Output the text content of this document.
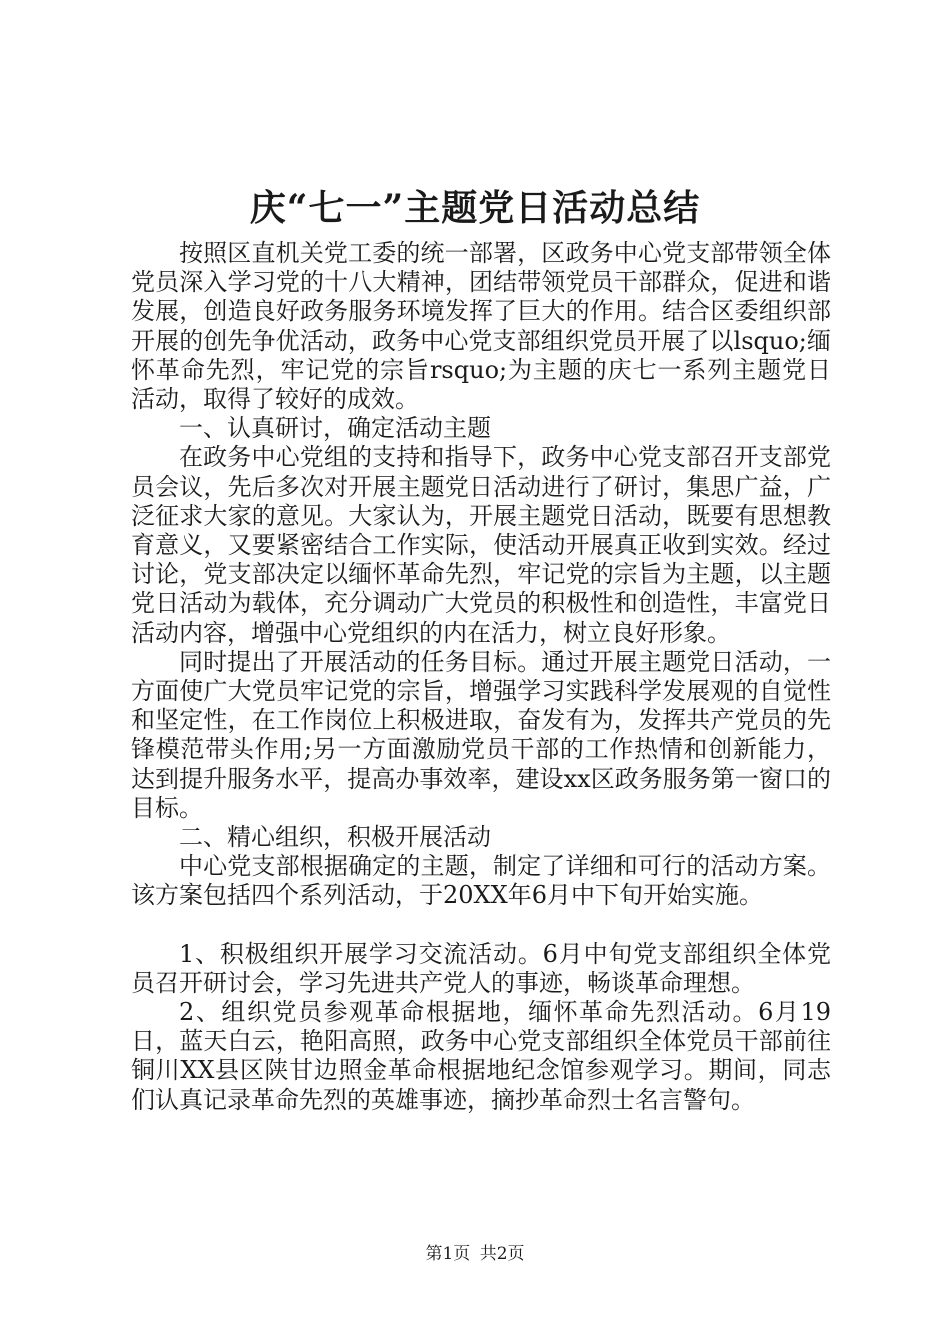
庆“七一”主题党日活动总结

按照区直机关党工委的统一部署，区政务中心党支部带领全体党员深入学习党的十八大精神，团结带领党员干部群众，促进和谐发展，创造良好政务服务环境发挥了巨大的作用。结合区委组织部开展的创先争优活动，政务中心党支部组织党员开展了以lsquo;缅怀革命先烈，牢记党的宗旨rsquo;为主题的庆七一系列主题党日活动，取得了较好的成效。

一、认真研讨，确定活动主题

在政务中心党组的支持和指导下，政务中心党支部召开支部党员会议，先后多次对开展主题党日活动进行了研讨，集思广益，广泛征求大家的意见。大家认为，开展主题党日活动，既要有思想教育意义，又要紧密结合工作实际，使活动开展真正收到实效。经过讨论，党支部决定以缅怀革命先烈，牢记党的宗旨为主题，以主题党日活动为载体，充分调动广大党员的积极性和创造性，丰富党日活动内容，增强中心党组织的内在活力，树立良好形象。

同时提出了开展活动的任务目标。通过开展主题党日活动，一方面使广大党员牢记党的宗旨，增强学习实践科学发展观的自觉性和坚定性，在工作岗位上积极进取，奋发有为，发挥共产党员的先锋模范带头作用;另一方面激励党员干部的工作热情和创新能力，达到提升服务水平，提高办事效率，建设xx区政务服务第一窗口的目标。

二、精心组织，积极开展活动

中心党支部根据确定的主题，制定了详细和可行的活动方案。该方案包括四个系列活动，于20XX年6月中下旬开始实施。

1、积极组织开展学习交流活动。6月中旬党支部组织全体党员召开研讨会，学习先进共产党人的事迹，畅谈革命理想。

2、组织党员参观革命根据地，缅怀革命先烈活动。6月19日，蓝天白云，艳阳高照，政务中心党支部组织全体党员干部前往铜川XX县区陕甘边照金革命根据地纪念馆参观学习。期间，同志们认真记录革命先烈的英雄事迹，摘抄革命烈士名言警句。

第1页 共2页
